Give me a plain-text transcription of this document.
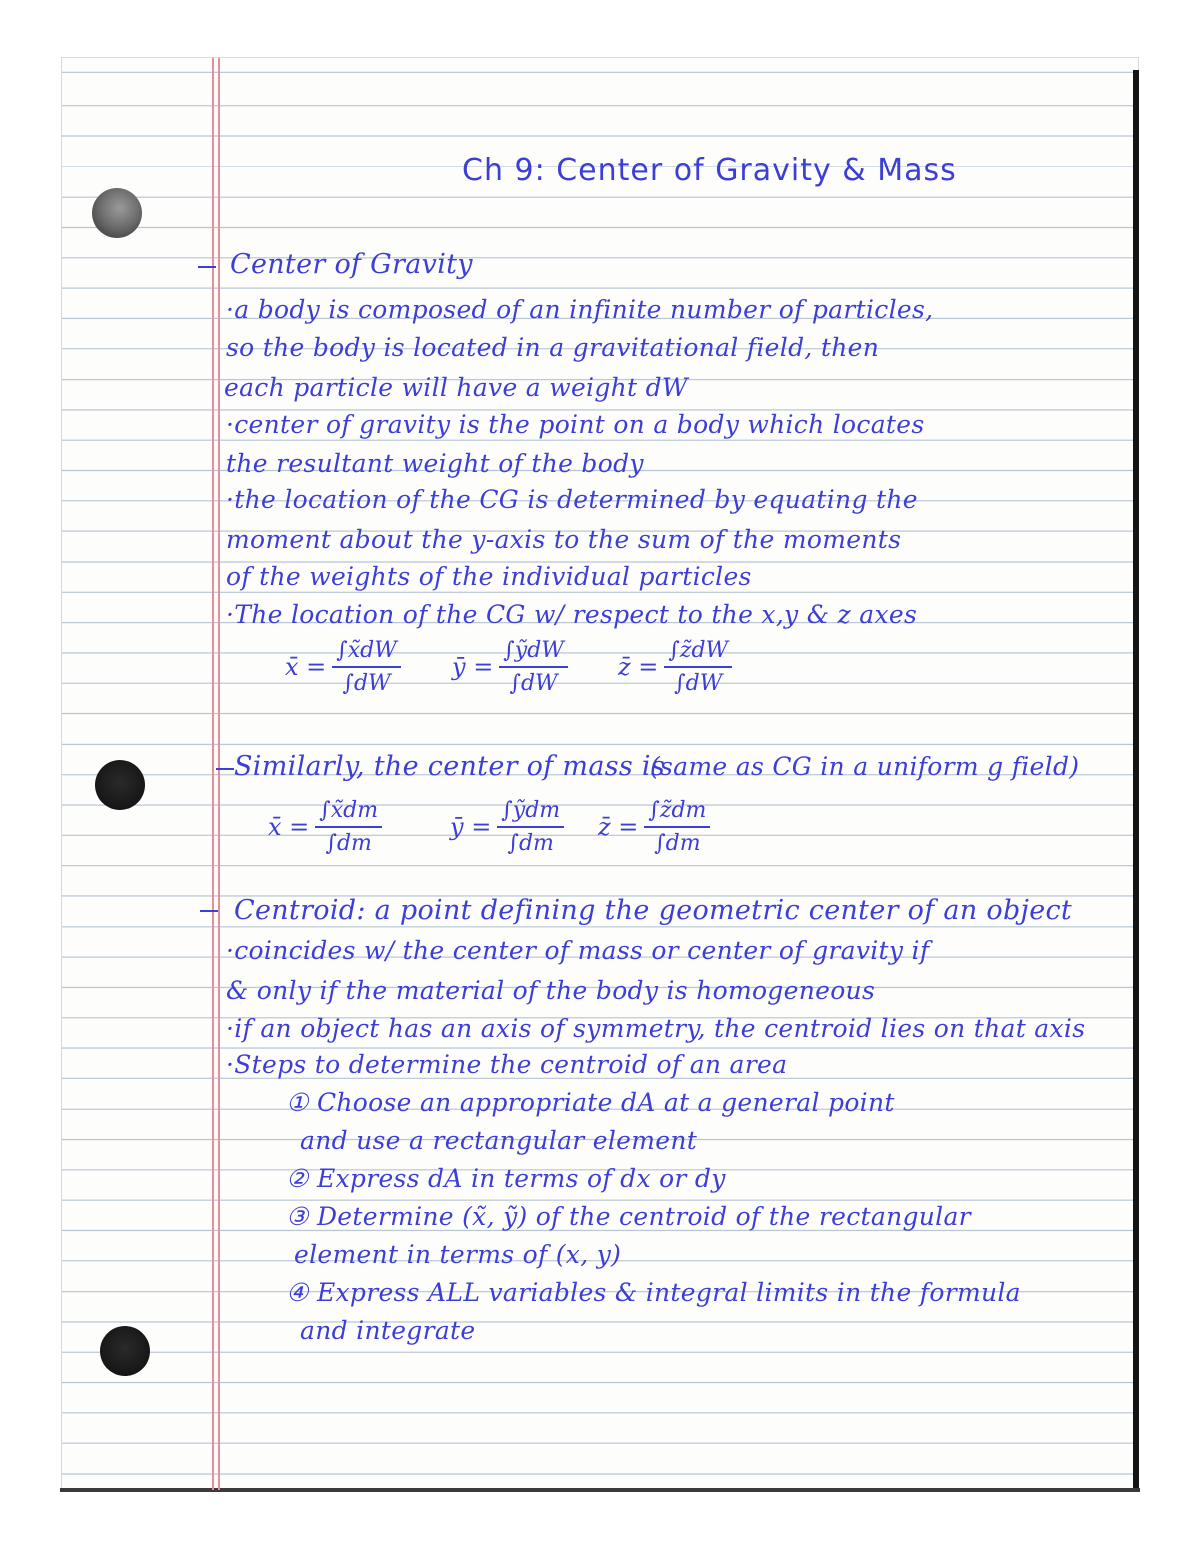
Ch 9: Center of Gravity & Mass
Center of Gravity
·a body is composed of an infinite number of particles,
so the body is located in a gravitational field, then
each particle will have a weight dW
·center of gravity is the point on a body which locates
the resultant weight of the body
·the location of the CG is determined by equating the
moment about the y-axis to the sum of the moments
of the weights of the individual particles
·The location of the CG w/ respect to the x,y & z axes
x̄ = $\frac{\int x̃dW}{\int dW}$ ȳ = $\frac{\text{∫ỹdW}}{\int dW}$ z̄ = $\frac{\int z̃dW}{\int dW}$
Similarly, the center of mass is
(same as CG in a uniform g field)
x̄ = $\frac{\int x̃dm}{\int dm}$	ȳ = $\frac{\text{∫ỹdm}}{\int dm}$ z̄ = $\frac{\int z̃dm}{\int dm}$
Centroid: a point defining the geometric center of an object
·coincides w/ the center of mass or center of gravity if
& only if the material of the body is homogeneous
·if an object has an axis of symmetry, the centroid lies on that axis
·Steps to determine the centroid of an area
① Choose an appropriate dA at a general point
and use a rectangular element
② Express dA in terms of dx or dy
③ Determine (x̃, ỹ) of the centroid of the rectangular
element in terms of (x, y)
④ Express ALL variables & integral limits in the formula
and integrate
